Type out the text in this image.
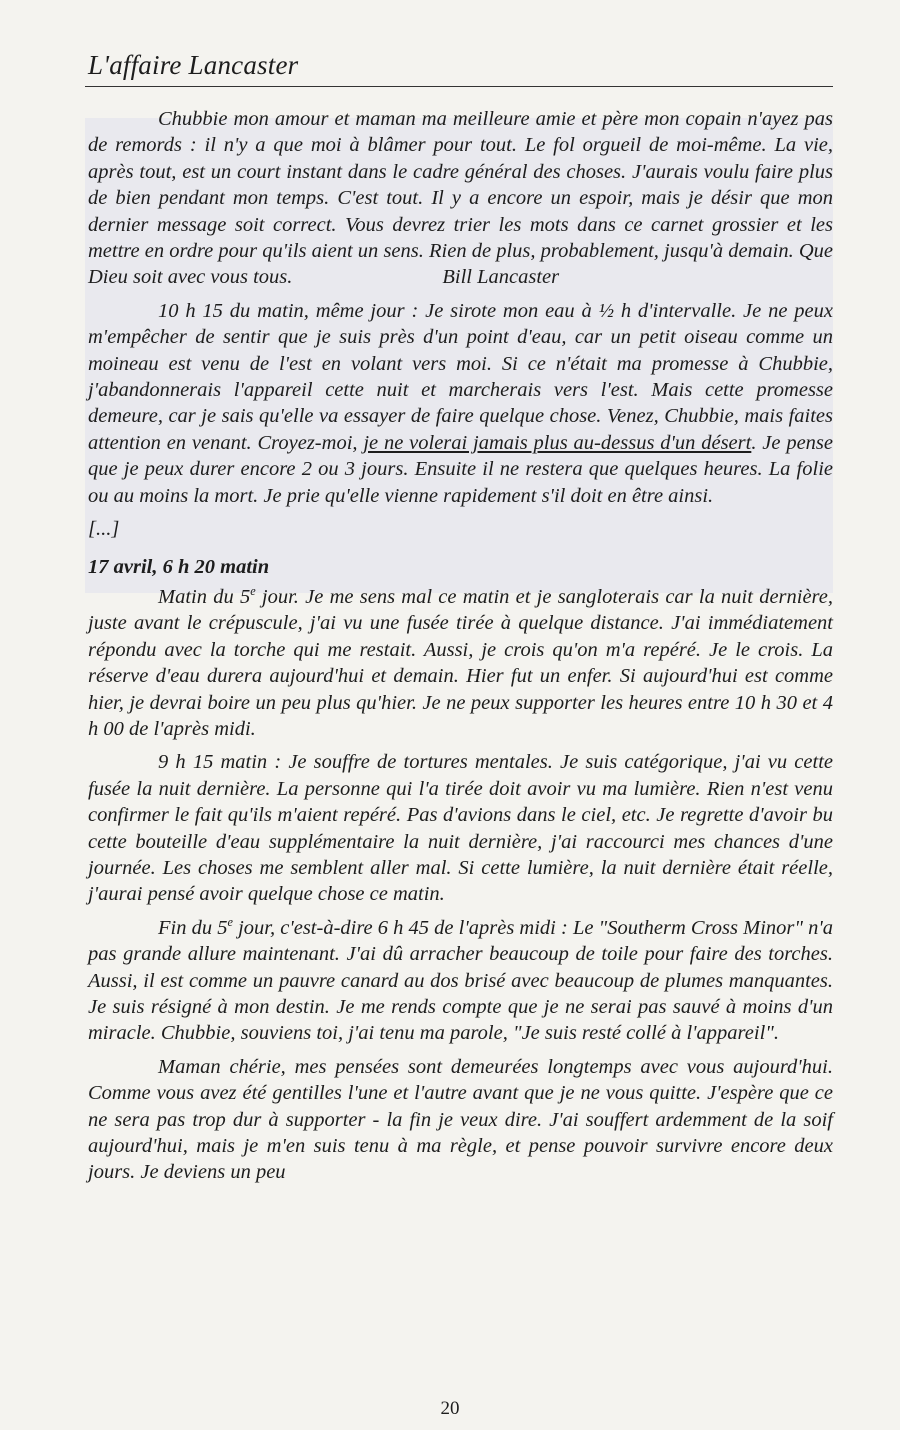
L'affaire Lancaster

Chubbie mon amour et maman ma meilleure amie et père mon copain n'ayez pas de remords : il n'y a que moi à blâmer pour tout. Le fol orgueil de moi-même. La vie, après tout, est un court instant dans le cadre général des choses. J'aurais voulu faire plus de bien pendant mon temps. C'est tout. Il y a encore un espoir, mais je désir que mon dernier message soit correct. Vous devrez trier les mots dans ce carnet grossier et les mettre en ordre pour qu'ils aient un sens. Rien de plus, probablement, jusqu'à demain. Que Dieu soit avec vous tous.	Bill Lancaster

10 h 15 du matin, même jour : Je sirote mon eau à ½ h d'intervalle. Je ne peux m'empêcher de sentir que je suis près d'un point d'eau, car un petit oiseau comme un moineau est venu de l'est en volant vers moi. Si ce n'était ma promesse à Chubbie, j'abandonnerais l'appareil cette nuit et marcherais vers l'est. Mais cette promesse demeure, car je sais qu'elle va essayer de faire quelque chose. Venez, Chubbie, mais faites attention en venant. Croyez-moi, je ne volerai jamais plus au-dessus d'un désert. Je pense que je peux durer encore 2 ou 3 jours. Ensuite il ne restera que quelques heures. La folie ou au moins la mort. Je prie qu'elle vienne rapidement s'il doit en être ainsi.

[...]

17 avril, 6 h 20 matin

Matin du 5e jour. Je me sens mal ce matin et je sangloterais car la nuit dernière, juste avant le crépuscule, j'ai vu une fusée tirée à quelque distance. J'ai immédiatement répondu avec la torche qui me restait. Aussi, je crois qu'on m'a repéré. Je le crois. La réserve d'eau durera aujourd'hui et demain. Hier fut un enfer. Si aujourd'hui est comme hier, je devrai boire un peu plus qu'hier. Je ne peux supporter les heures entre 10 h 30 et 4 h 00 de l'après midi.

9 h 15 matin : Je souffre de tortures mentales. Je suis catégorique, j'ai vu cette fusée la nuit dernière. La personne qui l'a tirée doit avoir vu ma lumière. Rien n'est venu confirmer le fait qu'ils m'aient repéré. Pas d'avions dans le ciel, etc. Je regrette d'avoir bu cette bouteille d'eau supplémentaire la nuit dernière, j'ai raccourci mes chances d'une journée. Les choses me semblent aller mal. Si cette lumière, la nuit dernière était réelle, j'aurai pensé avoir quelque chose ce matin.

Fin du 5e jour, c'est-à-dire 6 h 45 de l'après midi : Le "Southerm Cross Minor" n'a pas grande allure maintenant. J'ai dû arracher beaucoup de toile pour faire des torches. Aussi, il est comme un pauvre canard au dos brisé avec beaucoup de plumes manquantes. Je suis résigné à mon destin. Je me rends compte que je ne serai pas sauvé à moins d'un miracle. Chubbie, souviens toi, j'ai tenu ma parole, "Je suis resté collé à l'appareil".

Maman chérie, mes pensées sont demeurées longtemps avec vous aujourd'hui. Comme vous avez été gentilles l'une et l'autre avant que je ne vous quitte. J'espère que ce ne sera pas trop dur à supporter - la fin je veux dire. J'ai souffert ardemment de la soif aujourd'hui, mais je m'en suis tenu à ma règle, et pense pouvoir survivre encore deux jours. Je deviens un peu

20
